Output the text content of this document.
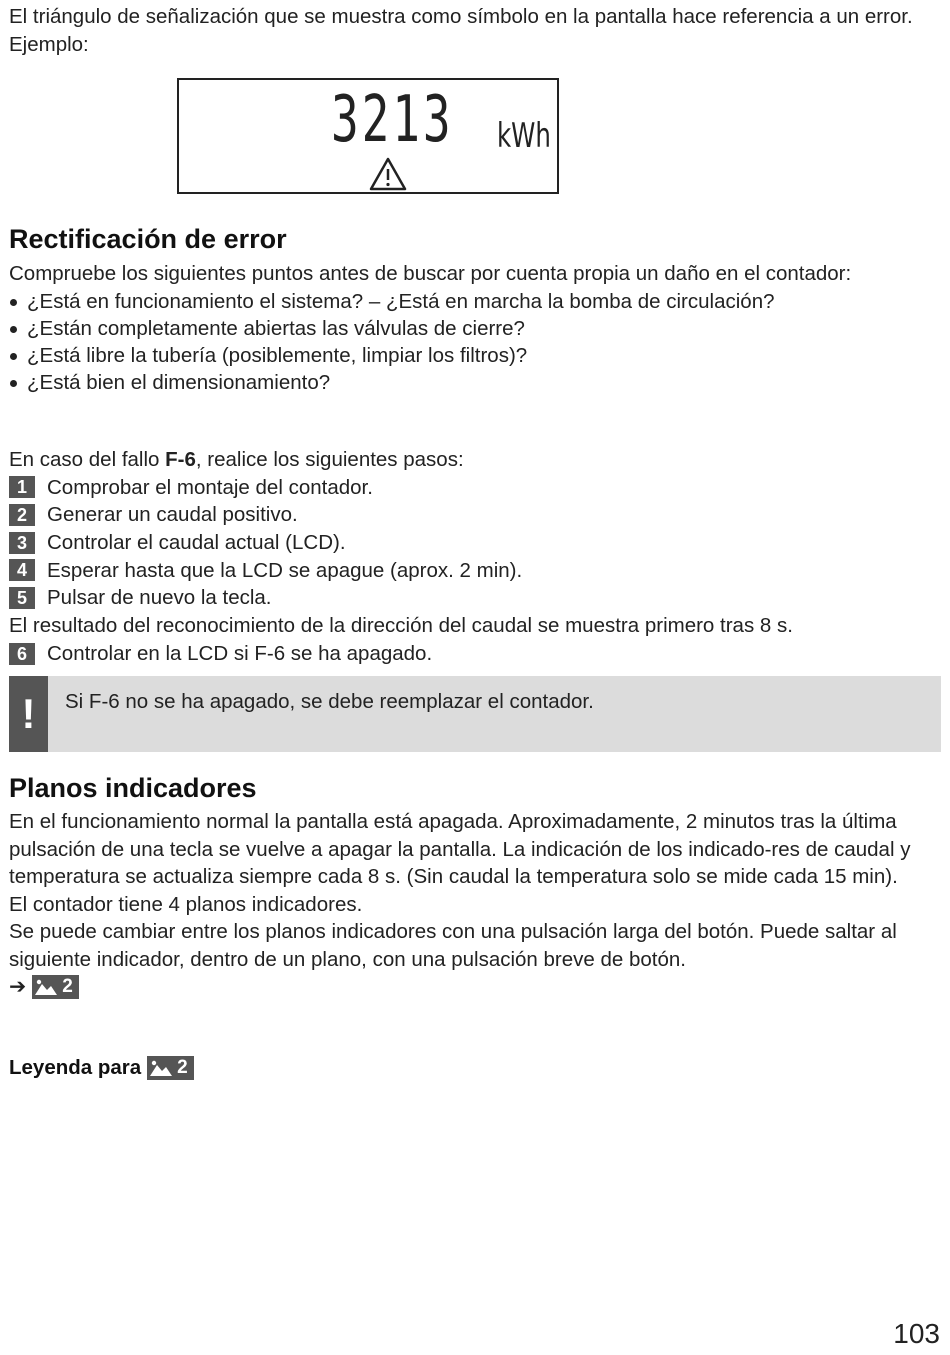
El triángulo de señalización que se muestra como símbolo en la pantalla hace referencia a un error. Ejemplo:

3213 kWh
Rectificación de error

Compruebe los siguientes puntos antes de buscar por cuenta propia un daño en el contador:

¿Está en funcionamiento el sistema? – ¿Está en marcha la bomba de circulación?
¿Están completamente abiertas las válvulas de cierre?
¿Está libre la tubería (posiblemente, limpiar los filtros)?
¿Está bien el dimensionamiento?

En caso del fallo F-6, realice los siguientes pasos:

1 Comprobar el montaje del contador.
2 Generar un caudal positivo.
3 Controlar el caudal actual (LCD).
4 Esperar hasta que la LCD se apague (aprox. 2 min).
5 Pulsar de nuevo la tecla.
El resultado del reconocimiento de la dirección del caudal se muestra primero tras 8 s.
6 Controlar en la LCD si F-6 se ha apagado.
!	Si F-6 no se ha apagado, se debe reemplazar el contador.
Planos indicadores

En el funcionamiento normal la pantalla está apagada. Aproximadamente, 2 minutos tras la última pulsación de una tecla se vuelve a apagar la pantalla. La indicación de los indicado-res de caudal y temperatura se actualiza siempre cada 8 s. (Sin caudal la temperatura solo se mide cada 15 min).

El contador tiene 4 planos indicadores.

Se puede cambiar entre los planos indicadores con una pulsación larga del botón. Puede saltar al siguiente indicador, dentro de un plano, con una pulsación breve de botón.

➔ 2
Leyenda para 2
103
